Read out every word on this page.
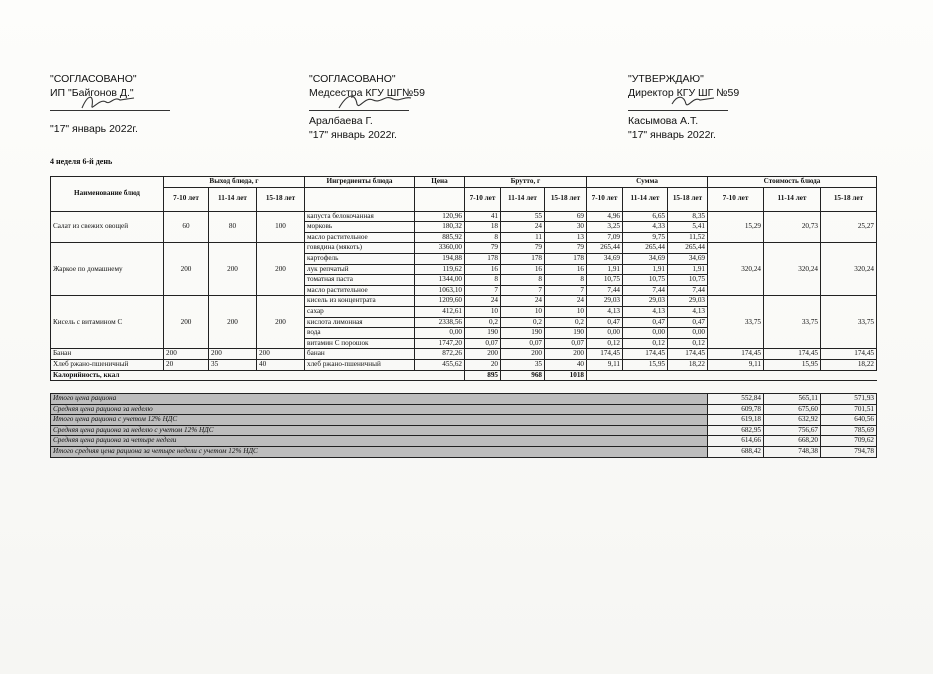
"СОГЛАСОВАНО"
ИП "Байгонов Д."
"17" январь 2022г.
"СОГЛАСОВАНО"
Медсестра КГУ ШГ№59
Аралбаева Г.
"17" январь 2022г.
"УТВЕРЖДАЮ"
Директор КГУ ШГ №59
Касымова А.Т.
"17" январь 2022г.
4 неделя 6-й день
Наименование блюд	Выход блюда, г			Ингредиенты блюда	Цена	Брутто, г			Сумма			Стоимость блюда		
	7-10 лет	11-14 лет	15-18 лет			7-10 лет	11-14 лет	15-18 лет	7-10 лет	11-14 лет	15-18 лет	7-10 лет	11-14 лет	15-18 лет
Салат из свежих овощей	60	80	100	капуста белокочанная	120,96	41	55	69	4,96	6,65	8,35	15,29	20,73	25,27
				морковь	180,32	18	24	30	3,25	4,33	5,41			
				масло растительное	885,92	8	11	13	7,09	9,75	11,52			
Жаркое по домашнему	200	200	200	говядина (мякоть)	3360,00	79	79	79	265,44	265,44	265,44	320,24	320,24	320,24
				картофель	194,88	178	178	178	34,69	34,69	34,69			
				лук репчатый	119,62	16	16	16	1,91	1,91	1,91			
				томатная паста	1344,00	8	8	8	10,75	10,75	10,75			
				масло растительное	1063,10	7	7	7	7,44	7,44	7,44			
Кисель с витамином С	200	200	200	кисель из концентрата	1209,60	24	24	24	29,03	29,03	29,03	33,75	33,75	33,75
				сахар	412,61	10	10	10	4,13	4,13	4,13			
				кислота лимонная	2338,56	0,2	0,2	0,2	0,47	0,47	0,47			
				вода	0,00	190	190	190	0,00	0,00	0,00			
				витамин С порошок	1747,20	0,07	0,07	0,07	0,12	0,12	0,12			
Банан	200	200	200	банан	872,26	200	200	200	174,45	174,45	174,45	174,45	174,45	174,45
Хлеб ржано-пшеничный	20	35	40	хлеб ржано-пшеничный	455,62	20	35	40	9,11	15,95	18,22	9,11	15,95	18,22
Калорийность, ккал						895	968	1018						

Итого цена рациона												552,84	565,11	571,93
Средняя цена рациона за неделю												609,78	675,60	701,51
Итого цена рациона с учетом 12% НДС												619,18	632,92	640,56
Средняя цена рациона за неделю с учетом 12% НДС												682,95	756,67	785,69
Средняя цена рациона за четыре недели												614,66	668,20	709,62
Итого средняя цена рациона за четыре недели с учетом 12% НДС												688,42	748,38	794,78
